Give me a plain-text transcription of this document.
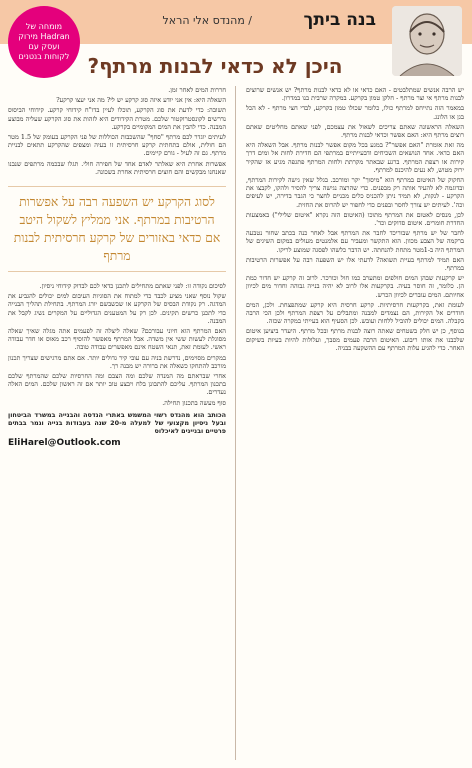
מומחה של Hadran מירוק ועסק עם לקוחות בנטנים
בנה ביתך
/ מהנדס אלי הראל
היכן לא כדאי לבנות מרתף?

יש הרבה אנשים שמתלבטים - האם כדאי או לא כדאי לבנות מרתף? יש אנשים שרוצים לבנות מרתף אי וצר מרתף - חלקן טמון בקרקע. במקרה שרבית בנו במדרון.

במאמר הזה נתייחס למרתף כולו, כלומר שכולו טמון בקרקע, לבדי חצי מרתף - לא הכל בגן או הלונג.

השאלה הראשונה שאתם צריכים לשאול את עצמכם, לפני שאתם מחליטים שאתם רוצים מרתף היא: האם אפשר וכדאי לבנות מרתף.

מה זאת אומרת "האם אפשר"? במגע בכל מקום אפשר לבנות מרתף. אבל השאלה היא האם כדאי. אחד הנושאים השכיחים ודבעייתיים במרתפי הם חדירת לחות אל ומים דרך קירות או רצפת המרתף. ברגע שבאתר מקרתת ולחות המרתף פתגפה מגיע אז שהקיר ירוק מטוש, לא נעים להיכנס למרתף.

החקוק של האיטום במרתף הוא "מיסוך" יקר ומורכב. בגלל שאין גישה לקירות המרתף, ובדוגמה לא להעיד אותה רק מבפנים. כדי שהרצה נגישה צריך להסיר ולהקו, לקבצו את הקרקע - לנקות, לא תמיד ניתן להכניס כלים מכניים לחצר כי הגבר בדירה, יש לעיפים וכה'. לעיתים יש צורך לחסר ובפנים כדי לחפור יש להרוס את החזית.

לכן, מנסים לאטום את המרתף מתוכו (האיטום הזה נקרא "איטום שלילי") באמצעות החדרת חומרים. איטום סדוקים וכד'.

לחבר של יש מרתף שבוריכד לחבר את המרתף אבל לאחר כנה בכתב שחור נטבעה ברקמה של הצבע מכוון. הוא התקשר ומעביר עם אלמנטים מעולים במקום השיגים של המרתף היה ב-1מטר מתחת להנחתה. יש הדבר כלשהו לפסגה שמוצע לריקו.

האם תמיד למרתף בעיית תשואה? לדעתי אלו יש השפעה רבה על אפשרות הרטיבות במרתף.

יש קרקעות שבהן המים חולפים ומתערב כמו חול וכורכר. לרוב זה קרקע יש חדור כמת הן. כלומר, זה חוסר בעיה. בקרקעות אלו לרוב לא יהיה בנייה גבוהה וחדור מים לכיוון אחיותם. המים עוברים לכיוון הכרש.

לעומת זאת, בקרקעות חרסיתיות. קרקע חרסית היא קרקע שמתפצחת. ולכן, המים חודרים אל הקירות, הם נצמדים למבנה ומתבלים על רצפת המרתף ולכן הכי הרבה בקבלה. המים יכולים להוביל ללחות ועובש. לכן הסעיף הוא בעייתי במקרה שכזה.

בנוסף, כן יש חלק בשטחים שאתה רוצה לבנות מרתף ובכל מרתף. היעדר ביציען איטום שלכבנו את אותו ריבוע. האיטום הרבה פעמים מסבך, ועלולות להיות בעיות בשיקום האחר. כדי להגיע עלות המרתף עם ההשקעה בבניה.

חררות המים לאחר זמן.

השאלה היא: אין אני יודע איזה סוג קרקע יש לי? מה אני יעצו קרקע?

תשובה: כדי לדעת את סוג הקרקע, תוכלו לעיין בדו"ח קידוחי קרקע. קידוחי הביסוס נדרשים לקונסטרוקטור שלכם. מטרת הקידודים היא לזהות את סוג הקרקע שעליה מבוצע המבנה. כדי להבין את המים המקומיים בקרקע.

לעיתים יוגדר לכם מרתף "סחף" שהשכבות הכוללות של פני הקרקע בעומק של 1.5 מטר הם חולית, אולם בתחתית קרקע חרסיתית זו בעיה ומצפים שהקרקע תתאים לבניית מרתף. גם זה לעיל - גורם קיימים.

אפשרות אחרת היא שאלתר לאדם אחד של חפירה חולי. תגלו שבכמה מרתפים שנבנו שאנחנו מבקשים והם חוצים חרסיתית אחרת בשכונה.

לסוג הקרקע יש השפעה רבה על אפשרות הרטיבות במרתף. אני ממליץ לשקול היטב אם כדאי באזורים של קרקע חרסיתית לבנות מרתף

לסיכום נקודה זו: לפני שאתם מתחילים לתכנן כדאי לכם לבדוק קידוחי ניסיון.

שקול נוסף שאני מציע לכבד כדי למתוח את הסוגיות העיבום למים יכולים להגביע את המדגה. רק נקודת הבסיס של הקרקע או שכשבשם יורג המרתף. בתחילת תהליך הבנייה כדי לתכנן כרשים תקינים. לכן רק על המטענים הגדוליים על המקרים נשיג לקבל את המבנה.

האם המרתף הוא חיוני עבורכם? שאלה ליצלה זה לפעמים אתה מגלה שאיך שאלה מסוגלת לעשות ששי אין משדה. אבל המרתף מאפשר להוסיף רכב מאוס או חדר עבודה ראשי. לעומת זאת, תנאי השטח אינם מאפשרים עבודה טובה.

במקרים מסוימים, נדרשת בניה עם עובי קיר גדולים יותר. אם אתם מרגישים שצריך תכנון מורכב להתחקו כשאלה את ברורה יש מבנה רך.

אחרי שבראתם מה המנדה שלכם ומה הצבם ומה החרסיות שלכם שהמרתף שלכם בתכנון המרתף. עליכם להתבונן בלח ויבצע טוב יותר אם זה ראשון שלכם. המים האלה נעדרים.

סוף מעשה בתכנון תחילה.

הכותב הוא מהנדס רשוי המשמש באתרי הנדסה והבנייה במשרד הביטחון ובעל ניסיון מקצועי של למעלה מ-20 שנה בעבודות בנייה וגמר בבתים פרטיים ובניינים לאיכלוס
EliHarel@Outlook.com
